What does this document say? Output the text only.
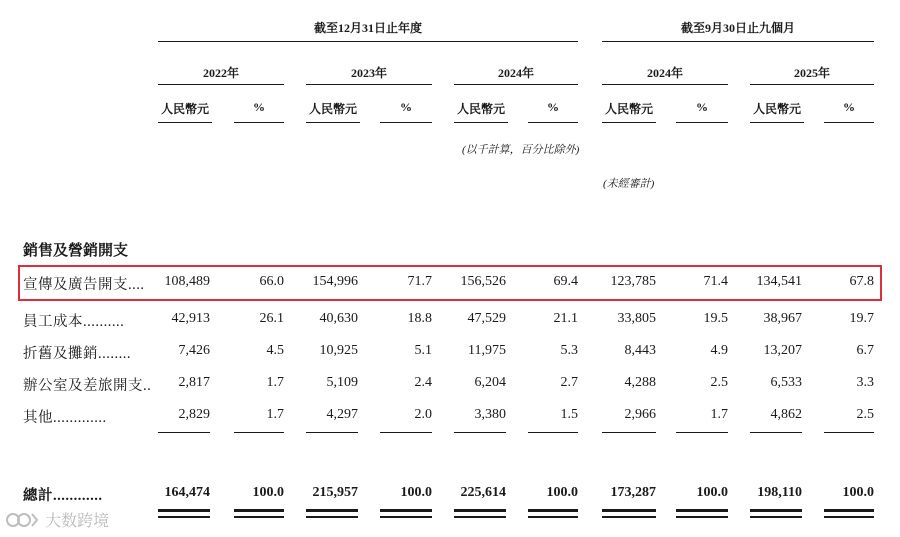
截至12月31日止年度	截至9月30日止九個月
2022年	2023年	2024年	2024年	2025年
人民幣元	%	人民幣元	%	人民幣元	%	人民幣元	%	人民幣元	%
(以千計算，百分比除外)
(未經審計)
銷售及營銷開支
宣傳及廣告開支....	108,489	66.0	154,996	71.7	156,526	69.4	123,785	71.4	134,541	67.8
員工成本..........	42,913	26.1	40,630	18.8	47,529	21.1	33,805	19.5	38,967	19.7
折舊及攤銷........	7,426	4.5	10,925	5.1	11,975	5.3	8,443	4.9	13,207	6.7
辦公室及差旅開支..	2,817	1.7	5,109	2.4	6,204	2.7	4,288	2.5	6,533	3.3
其他.............	2,829	1.7	4,297	2.0	3,380	1.5	2,966	1.7	4,862	2.5
總計............	164,474	100.0	215,957	100.0	225,614	100.0	173,287	100.0	198,110	100.0
大数跨境
